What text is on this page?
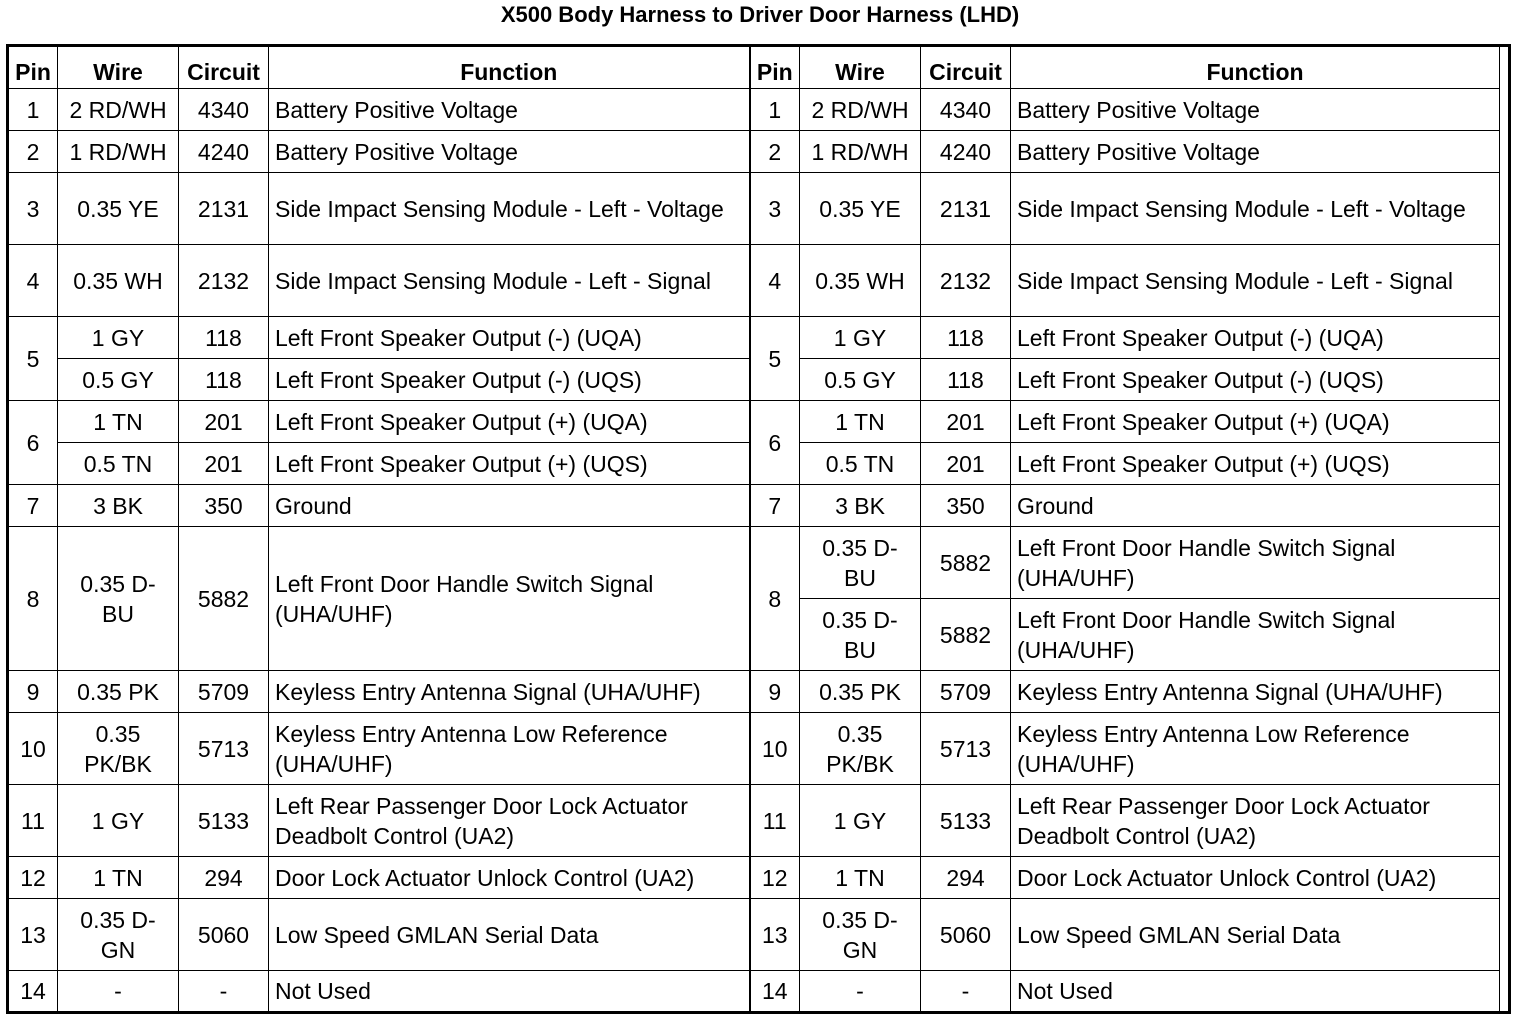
X500 Body Harness to Driver Door Harness (LHD)
Pin	Wire	Circuit	Function	Pin	Wire	Circuit	Function	
1	2 RD/WH	4340	Battery Positive Voltage	1	2 RD/WH	4340	Battery Positive Voltage	
2	1 RD/WH	4240	Battery Positive Voltage	2	1 RD/WH	4240	Battery Positive Voltage	
3	0.35 YE	2131	Side Impact Sensing Module - Left - Voltage	3	0.35 YE	2131	Side Impact Sensing Module - Left - Voltage	
4	0.35 WH	2132	Side Impact Sensing Module - Left - Signal	4	0.35 WH	2132	Side Impact Sensing Module - Left - Signal	
5	1 GY	118	Left Front Speaker Output (-) (UQA)	5	1 GY	118	Left Front Speaker Output (-) (UQA)	
	0.5 GY	118	Left Front Speaker Output (-) (UQS)		0.5 GY	118	Left Front Speaker Output (-) (UQS)	
6	1 TN	201	Left Front Speaker Output (+) (UQA)	6	1 TN	201	Left Front Speaker Output (+) (UQA)	
	0.5 TN	201	Left Front Speaker Output (+) (UQS)		0.5 TN	201	Left Front Speaker Output (+) (UQS)	
7	3 BK	350	Ground	7	3 BK	350	Ground	
8	0.35 D-BU	5882	Left Front Door Handle Switch Signal (UHA/UHF)	8	0.35 D-BU	5882	Left Front Door Handle Switch Signal (UHA/UHF)	
					0.35 D-BU	5882	Left Front Door Handle Switch Signal (UHA/UHF)	
9	0.35 PK	5709	Keyless Entry Antenna Signal (UHA/UHF)	9	0.35 PK	5709	Keyless Entry Antenna Signal (UHA/UHF)	
10	0.35 PK/BK	5713	Keyless Entry Antenna Low Reference (UHA/UHF)	10	0.35 PK/BK	5713	Keyless Entry Antenna Low Reference (UHA/UHF)	
11	1 GY	5133	Left Rear Passenger Door Lock Actuator Deadbolt Control (UA2)	11	1 GY	5133	Left Rear Passenger Door Lock Actuator Deadbolt Control (UA2)	
12	1 TN	294	Door Lock Actuator Unlock Control (UA2)	12	1 TN	294	Door Lock Actuator Unlock Control (UA2)	
13	0.35 D-GN	5060	Low Speed GMLAN Serial Data	13	0.35 D-GN	5060	Low Speed GMLAN Serial Data	
14	-	-	Not Used	14	-	-	Not Used	
